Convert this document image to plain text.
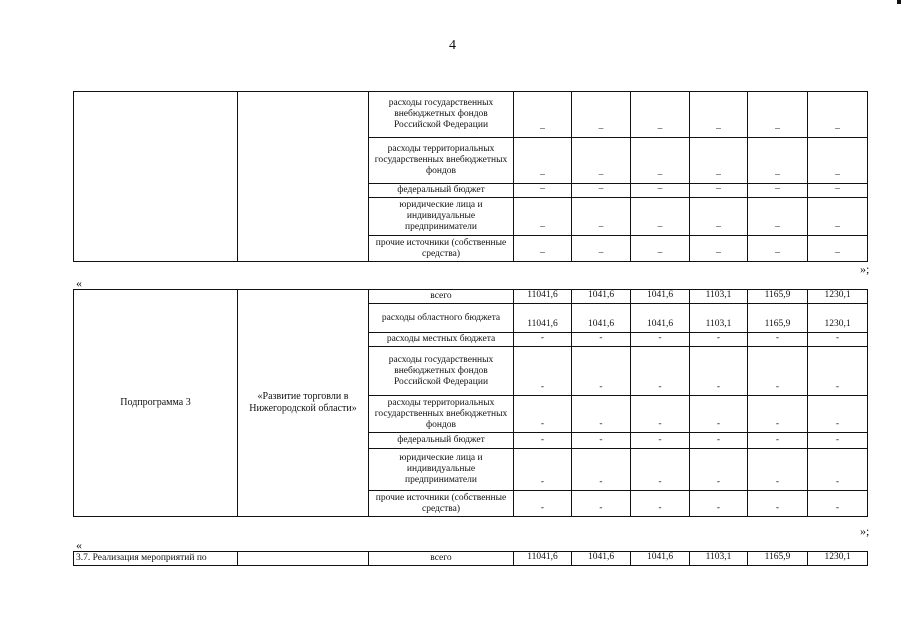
4
		расходы государственных внебюджетных фондов Российской Федерации	–	–	–	–	–	–
		расходы территориальных государственных внебюджетных фондов	–	–	–	–	–	–
		федеральный бюджет	–	–	–	–	–	–
		юридические лица и индивидуальные предприниматели	–	–	–	–	–	–
		прочие источники (собственные средства)	–	–	–	–	–	–
»;
«
Подпрограмма 3	«Развитие торговли в Нижегородской области»	всего	11041,6	1041,6	1041,6	1103,1	1165,9	1230,1
		расходы областного бюджета	11041,6	1041,6	1041,6	1103,1	1165,9	1230,1
		расходы местных бюджета	-	-	-	-	-	-
		расходы государственных внебюджетных фондов Российской Федерации	-	-	-	-	-	-
		расходы территориальных государственных внебюджетных фондов	-	-	-	-	-	-
		федеральный бюджет	-	-	-	-	-	-
		юридические лица и индивидуальные предприниматели	-	-	-	-	-	-
		прочие источники (собственные средства)	-	-	-	-	-	-
»;
«
3.7. Реализация мероприятий по		всего	11041,6	1041,6	1041,6	1103,1	1165,9	1230,1
